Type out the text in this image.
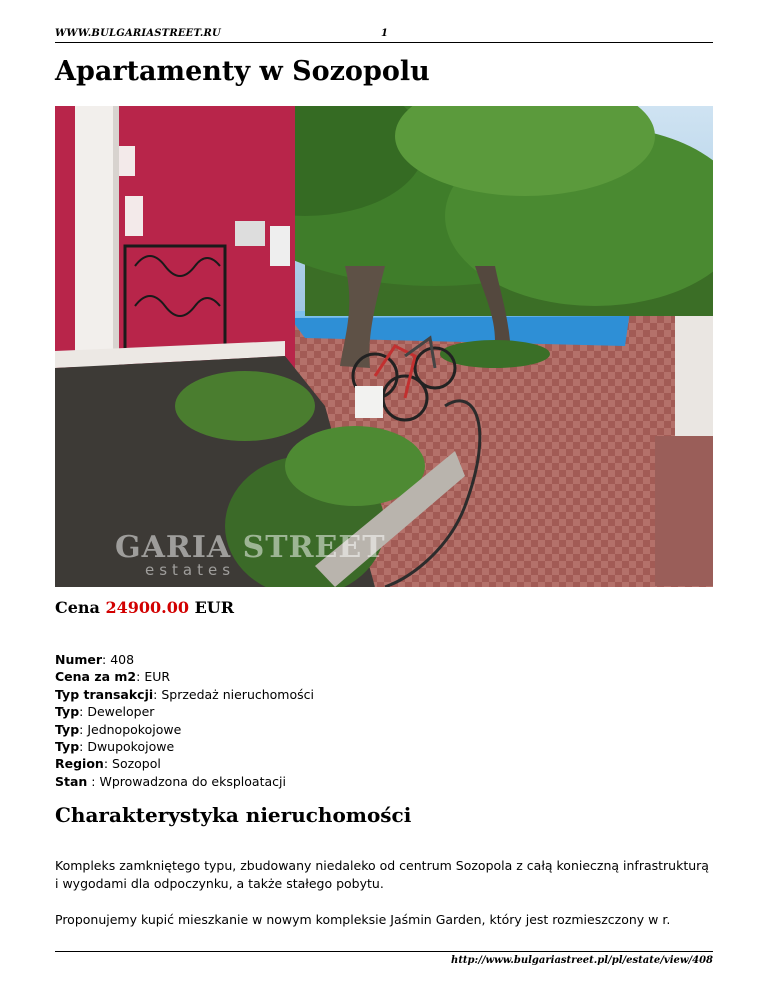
WWW.BULGARIASTREET.RU	1
Apartamenty w Sozopolu
GARIA STREET
estates
Cena 24900.00 EUR
Numer: 408
Cena za m2: EUR
Typ transakcji: Sprzedaż nieruchomości
Typ: Deweloper
Typ: Jednopokojowe
Typ: Dwupokojowe
Region: Sozopol
Stan : Wprowadzona do eksploatacji
Charakterystyka nieruchomości

Kompleks zamkniętego typu, zbudowany niedaleko od centrum Sozopola z całą konieczną infrastrukturą i wygodami dla odpoczynku, a także stałego pobytu.

Proponujemy kupić mieszkanie w nowym kompleksie Jaśmin Garden, który jest rozmieszczony w r.

http://www.bulgariastreet.pl/pl/estate/view/408
